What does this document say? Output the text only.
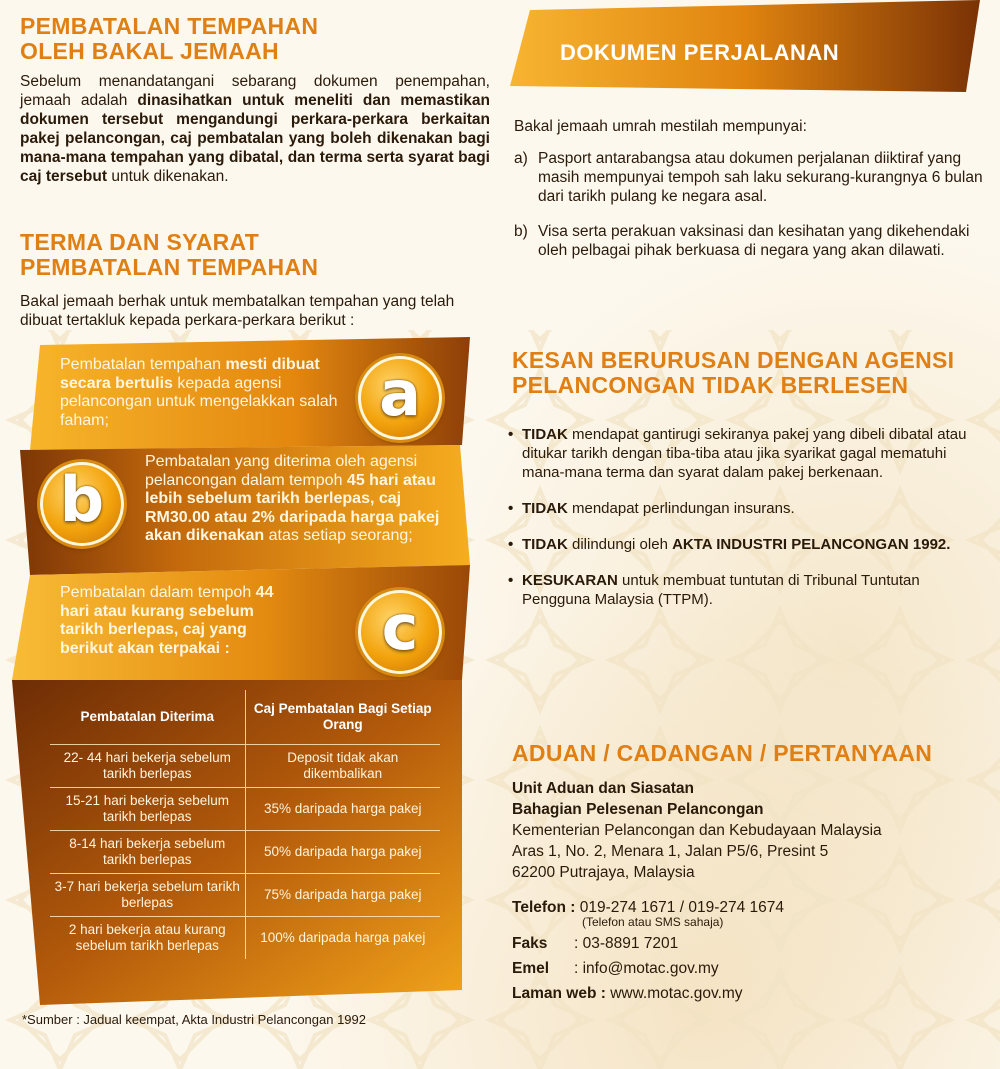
PEMBATALAN TEMPAHAN
OLEH BAKAL JEMAAH

Sebelum menandatangani sebarang dokumen penempahan, jemaah adalah dinasihatkan untuk meneliti dan memastikan dokumen tersebut mengandungi perkara-perkara berkaitan pakej pelancongan, caj pembatalan yang boleh dikenakan bagi mana-mana tempahan yang dibatal, dan terma serta syarat bagi caj tersebut untuk dikenakan.

TERMA DAN SYARAT
PEMBATALAN TEMPAHAN

Bakal jemaah berhak untuk membatalkan tempahan yang telah dibuat tertakluk kepada perkara-perkara berikut :

Pembatalan tempahan mesti dibuat secara bertulis kepada agensi pelancongan untuk mengelakkan salah faham;	a
b
Pembatalan yang diterima oleh agensi pelancongan dalam tempoh 45 hari atau lebih sebelum tarikh berlepas, caj RM30.00 atau 2% daripada harga pakej akan dikenakan atas setiap seorang;
Pembatalan dalam tempoh 44 hari atau kurang sebelum tarikh berlepas, caj yang berikut akan terpakai :	c
Pembatalan Diterima	Caj Pembatalan Bagi Setiap Orang
22- 44 hari bekerja sebelum tarikh berlepas	Deposit tidak akan dikembalikan
15-21 hari bekerja sebelum tarikh berlepas	35% daripada harga pakej
8-14 hari bekerja sebelum tarikh berlepas	50% daripada harga pakej
3-7 hari bekerja sebelum tarikh berlepas	75% daripada harga pakej
2 hari bekerja atau kurang sebelum tarikh berlepas	100% daripada harga pakej
*Sumber : Jadual keempat, Akta Industri Pelancongan 1992
DOKUMEN PERJALANAN
Bakal jemaah umrah mestilah mempunyai:
a) Pasport antarabangsa atau dokumen perjalanan diiktiraf yang masih mempunyai tempoh sah laku sekurang-kurangnya 6 bulan dari tarikh pulang ke negara asal.
b) Visa serta perakuan vaksinasi dan kesihatan yang dikehendaki oleh pelbagai pihak berkuasa di negara yang akan dilawati.
KESAN BERURUSAN DENGAN AGENSI
PELANCONGAN TIDAK BERLESEN
• TIDAK mendapat gantirugi sekiranya pakej yang dibeli dibatal atau ditukar tarikh dengan tiba-tiba atau jika syarikat gagal mematuhi mana-mana terma dan syarat dalam pakej berkenaan.
• TIDAK mendapat perlindungan insurans.
• TIDAK dilindungi oleh AKTA INDUSTRI PELANCONGAN 1992.
• KESUKARAN untuk membuat tuntutan di Tribunal Tuntutan Pengguna Malaysia (TTPM).
ADUAN / CADANGAN / PERTANYAAN
Unit Aduan dan Siasatan
Bahagian Pelesenan Pelancongan
Kementerian Pelancongan dan Kebudayaan Malaysia
Aras 1, No. 2, Menara 1, Jalan P5/6, Presint 5
62200 Putrajaya, Malaysia
Telefon : 019-274 1671 / 019-274 1674
(Telefon atau SMS sahaja)
Faks : 03-8891 7201
Emel : info@motac.gov.my
Laman web : www.motac.gov.my
